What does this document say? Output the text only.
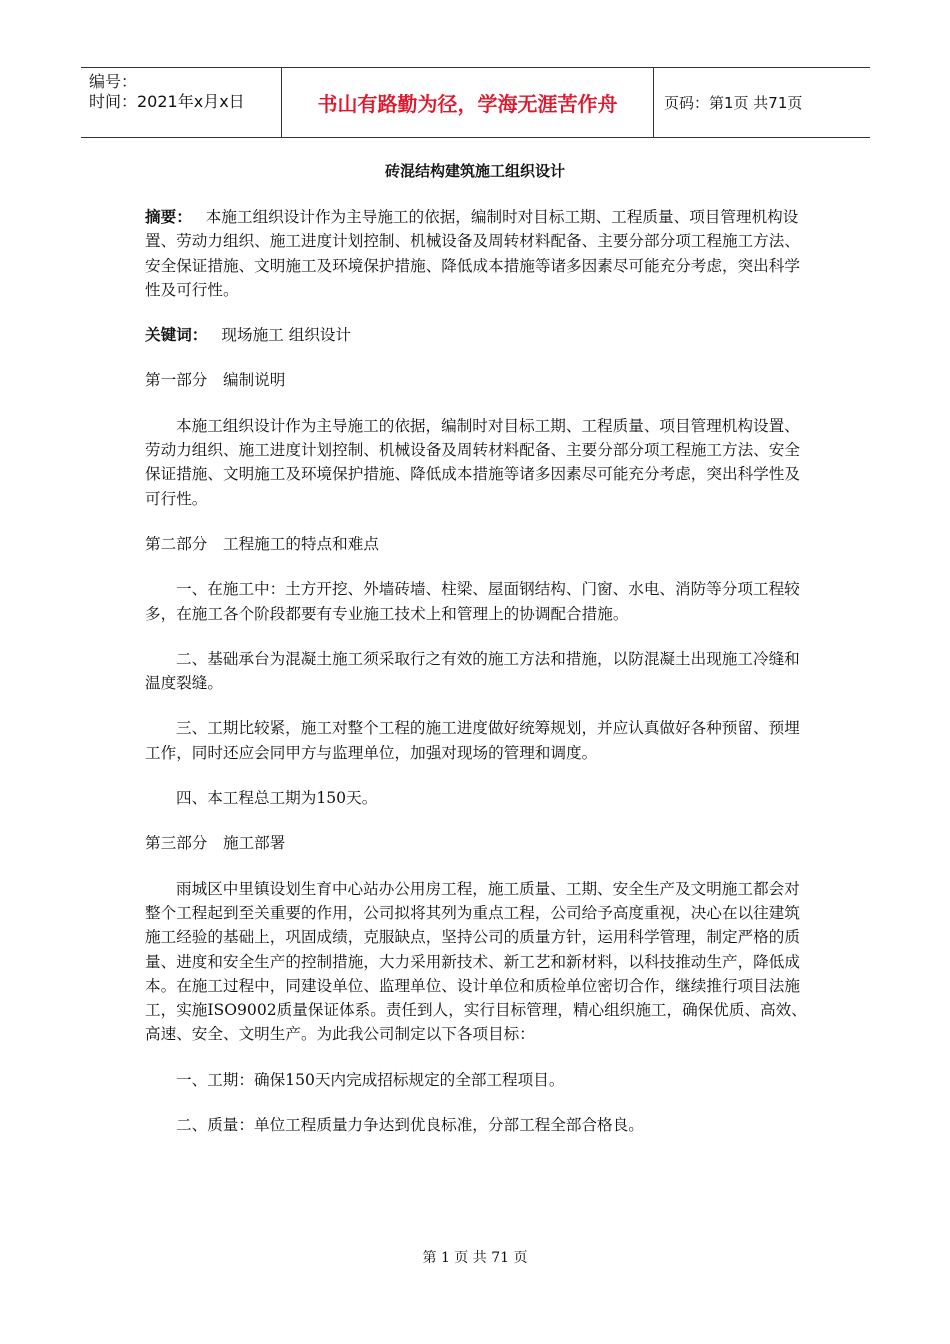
编号：
时间：2021年x月x日	书山有路勤为径，学海无涯苦作舟	页码：第1页 共71页
砖混结构建筑施工组织设计

摘要： 本施工组织设计作为主导施工的依据，编制时对目标工期、工程质量、项目管理机构设置、劳动力组织、施工进度计划控制、机械设备及周转材料配备、主要分部分项工程施工方法、安全保证措施、文明施工及环境保护措施、降低成本措施等诸多因素尽可能充分考虑，突出科学性及可行性。

关键词： 现场施工 组织设计

第一部分　编制说明

本施工组织设计作为主导施工的依据，编制时对目标工期、工程质量、项目管理机构设置、劳动力组织、施工进度计划控制、机械设备及周转材料配备、主要分部分项工程施工方法、安全保证措施、文明施工及环境保护措施、降低成本措施等诸多因素尽可能充分考虑，突出科学性及可行性。

第二部分　工程施工的特点和难点

一、在施工中：土方开挖、外墙砖墙、柱梁、屋面钢结构、门窗、水电、消防等分项工程较多，在施工各个阶段都要有专业施工技术上和管理上的协调配合措施。

二、基础承台为混凝土施工须采取行之有效的施工方法和措施，以防混凝土出现施工冷缝和温度裂缝。

三、工期比较紧，施工对整个工程的施工进度做好统筹规划，并应认真做好各种预留、预埋工作，同时还应会同甲方与监理单位，加强对现场的管理和调度。

四、本工程总工期为150天。

第三部分　施工部署

雨城区中里镇设划生育中心站办公用房工程，施工质量、工期、安全生产及文明施工都会对整个工程起到至关重要的作用，公司拟将其列为重点工程，公司给予高度重视，决心在以往建筑施工经验的基础上，巩固成绩，克服缺点，坚持公司的质量方针，运用科学管理，制定严格的质量、进度和安全生产的控制措施，大力采用新技术、新工艺和新材料，以科技推动生产，降低成本。在施工过程中，同建设单位、监理单位、设计单位和质检单位密切合作，继续推行项目法施工，实施ISO9002质量保证体系。责任到人，实行目标管理，精心组织施工，确保优质、高效、高速、安全、文明生产。为此我公司制定以下各项目标：

一、工期：确保150天内完成招标规定的全部工程项目。

二、质量：单位工程质量力争达到优良标准，分部工程全部合格良。

第 1 页 共 71 页
